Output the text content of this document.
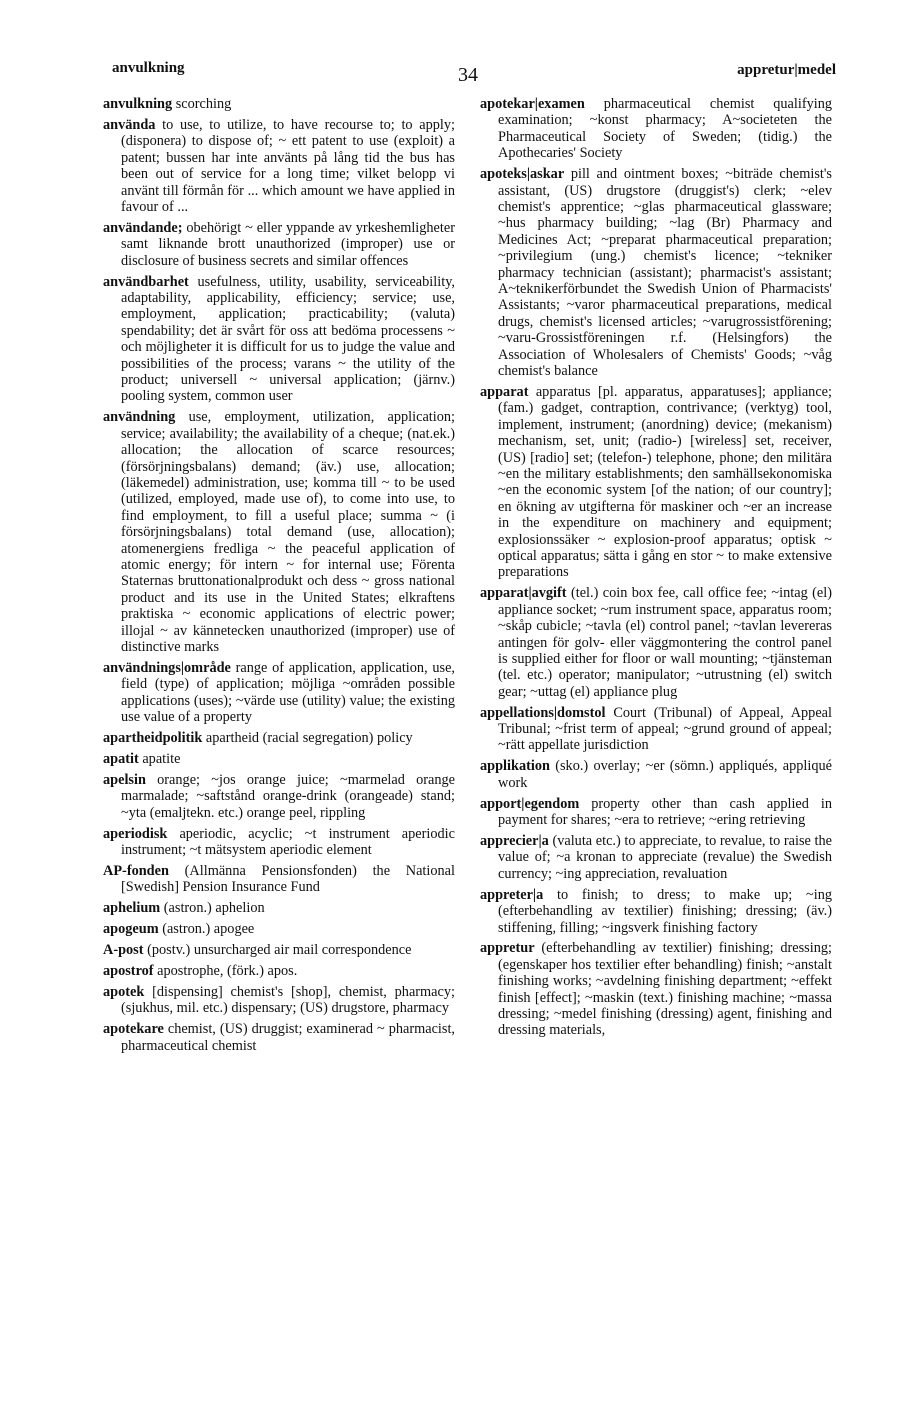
anvulkning	34	appretur|medel

anvulkning scorching

använda to use, to utilize, to have recourse to; to apply; (disponera) to dispose of; ~ ett patent to use (exploit) a patent; bussen har inte använts på lång tid the bus has been out of service for a long time; vilket belopp vi använt till förmån för ... which amount we have applied in favour of ...

användande; obehörigt ~ eller yppande av yrkeshemligheter samt liknande brott unauthorized (improper) use or disclosure of business secrets and similar offences

användbarhet usefulness, utility, usability, serviceability, adaptability, applicability, efficiency; service; use, employment, application; practicability; (valuta) spendability; det är svårt för oss att bedöma processens ~ och möjligheter it is difficult for us to judge the value and possibilities of the process; varans ~ the utility of the product; universell ~ universal application; (järnv.) pooling system, common user

användning use, employment, utilization, application; service; availability; the availability of a cheque; (nat.ek.) allocation; the allocation of scarce resources; (försörjningsbalans) demand; (äv.) use, allocation; (läkemedel) administration, use; komma till ~ to be used (utilized, employed, made use of), to come into use, to find employment, to fill a useful place; summa ~ (i försörjningsbalans) total demand (use, allocation); atomenergiens fredliga ~ the peaceful application of atomic energy; för intern ~ for internal use; Förenta Staternas bruttonationalprodukt och dess ~ gross national product and its use in the United States; elkraftens praktiska ~ economic applications of electric power; illojal ~ av kännetecken unauthorized (improper) use of distinctive marks

användnings|område range of application, application, use, field (type) of application; möjliga ~områden possible applications (uses); ~värde use (utility) value; the existing use value of a property

apartheidpolitik apartheid (racial segregation) policy

apatit apatite

apelsin orange; ~jos orange juice; ~marmelad orange marmalade; ~saftstånd orange-drink (orangeade) stand; ~yta (emaljtekn. etc.) orange peel, rippling

aperiodisk aperiodic, acyclic; ~t instrument aperiodic instrument; ~t mätsystem aperiodic element

AP-fonden (Allmänna Pensionsfonden) the National [Swedish] Pension Insurance Fund

aphelium (astron.) aphelion

apogeum (astron.) apogee

A-post (postv.) unsurcharged air mail correspondence

apostrof apostrophe, (förk.) apos.

apotek [dispensing] chemist's [shop], chemist, pharmacy; (sjukhus, mil. etc.) dispensary; (US) drugstore, pharmacy

apotekare chemist, (US) druggist; examinerad ~ pharmacist, pharmaceutical chemist

apotekar|examen pharmaceutical chemist qualifying examination; ~konst pharmacy; A~societeten the Pharmaceutical Society of Sweden; (tidig.) the Apothecaries' Society

apoteks|askar pill and ointment boxes; ~biträde chemist's assistant, (US) drugstore (druggist's) clerk; ~elev chemist's apprentice; ~glas pharmaceutical glassware; ~hus pharmacy building; ~lag (Br) Pharmacy and Medicines Act; ~preparat pharmaceutical preparation; ~privilegium (ung.) chemist's licence; ~tekniker pharmacy technician (assistant); pharmacist's assistant; A~teknikerförbundet the Swedish Union of Pharmacists' Assistants; ~varor pharmaceutical preparations, medical drugs, chemist's licensed articles; ~varugrossistförening; ~varu-Grossistföreningen r.f. (Helsingfors) the Association of Wholesalers of Chemists' Goods; ~våg chemist's balance

apparat apparatus [pl. apparatus, apparatuses]; appliance; (fam.) gadget, contraption, contrivance; (verktyg) tool, implement, instrument; (anordning) device; (mekanism) mechanism, set, unit; (radio-) [wireless] set, receiver, (US) [radio] set; (telefon-) telephone, phone; den militära ~en the military establishments; den samhällsekonomiska ~en the economic system [of the nation; of our country]; en ökning av utgifterna för maskiner och ~er an increase in the expenditure on machinery and equipment; explosionssäker ~ explosion-proof apparatus; optisk ~ optical apparatus; sätta i gång en stor ~ to make extensive preparations

apparat|avgift (tel.) coin box fee, call office fee; ~intag (el) appliance socket; ~rum instrument space, apparatus room; ~skåp cubicle; ~tavla (el) control panel; ~tavlan levereras antingen för golv- eller väggmontering the control panel is supplied either for floor or wall mounting; ~tjänsteman (tel. etc.) operator; manipulator; ~utrustning (el) switch gear; ~uttag (el) appliance plug

appellations|domstol Court (Tribunal) of Appeal, Appeal Tribunal; ~frist term of appeal; ~grund ground of appeal; ~rätt appellate jurisdiction

applikation (sko.) overlay; ~er (sömn.) appliqués, appliqué work

apport|egendom property other than cash applied in payment for shares; ~era to retrieve; ~ering retrieving

apprecier|a (valuta etc.) to appreciate, to revalue, to raise the value of; ~a kronan to appreciate (revalue) the Swedish currency; ~ing appreciation, revaluation

appreter|a to finish; to dress; to make up; ~ing (efterbehandling av textilier) finishing; dressing; (äv.) stiffening, filling; ~ingsverk finishing factory

appretur (efterbehandling av textilier) finishing; dressing; (egenskaper hos textilier efter behandling) finish; ~anstalt finishing works; ~avdelning finishing department; ~effekt finish [effect]; ~maskin (text.) finishing machine; ~massa dressing; ~medel finishing (dressing) agent, finishing and dressing materials,
